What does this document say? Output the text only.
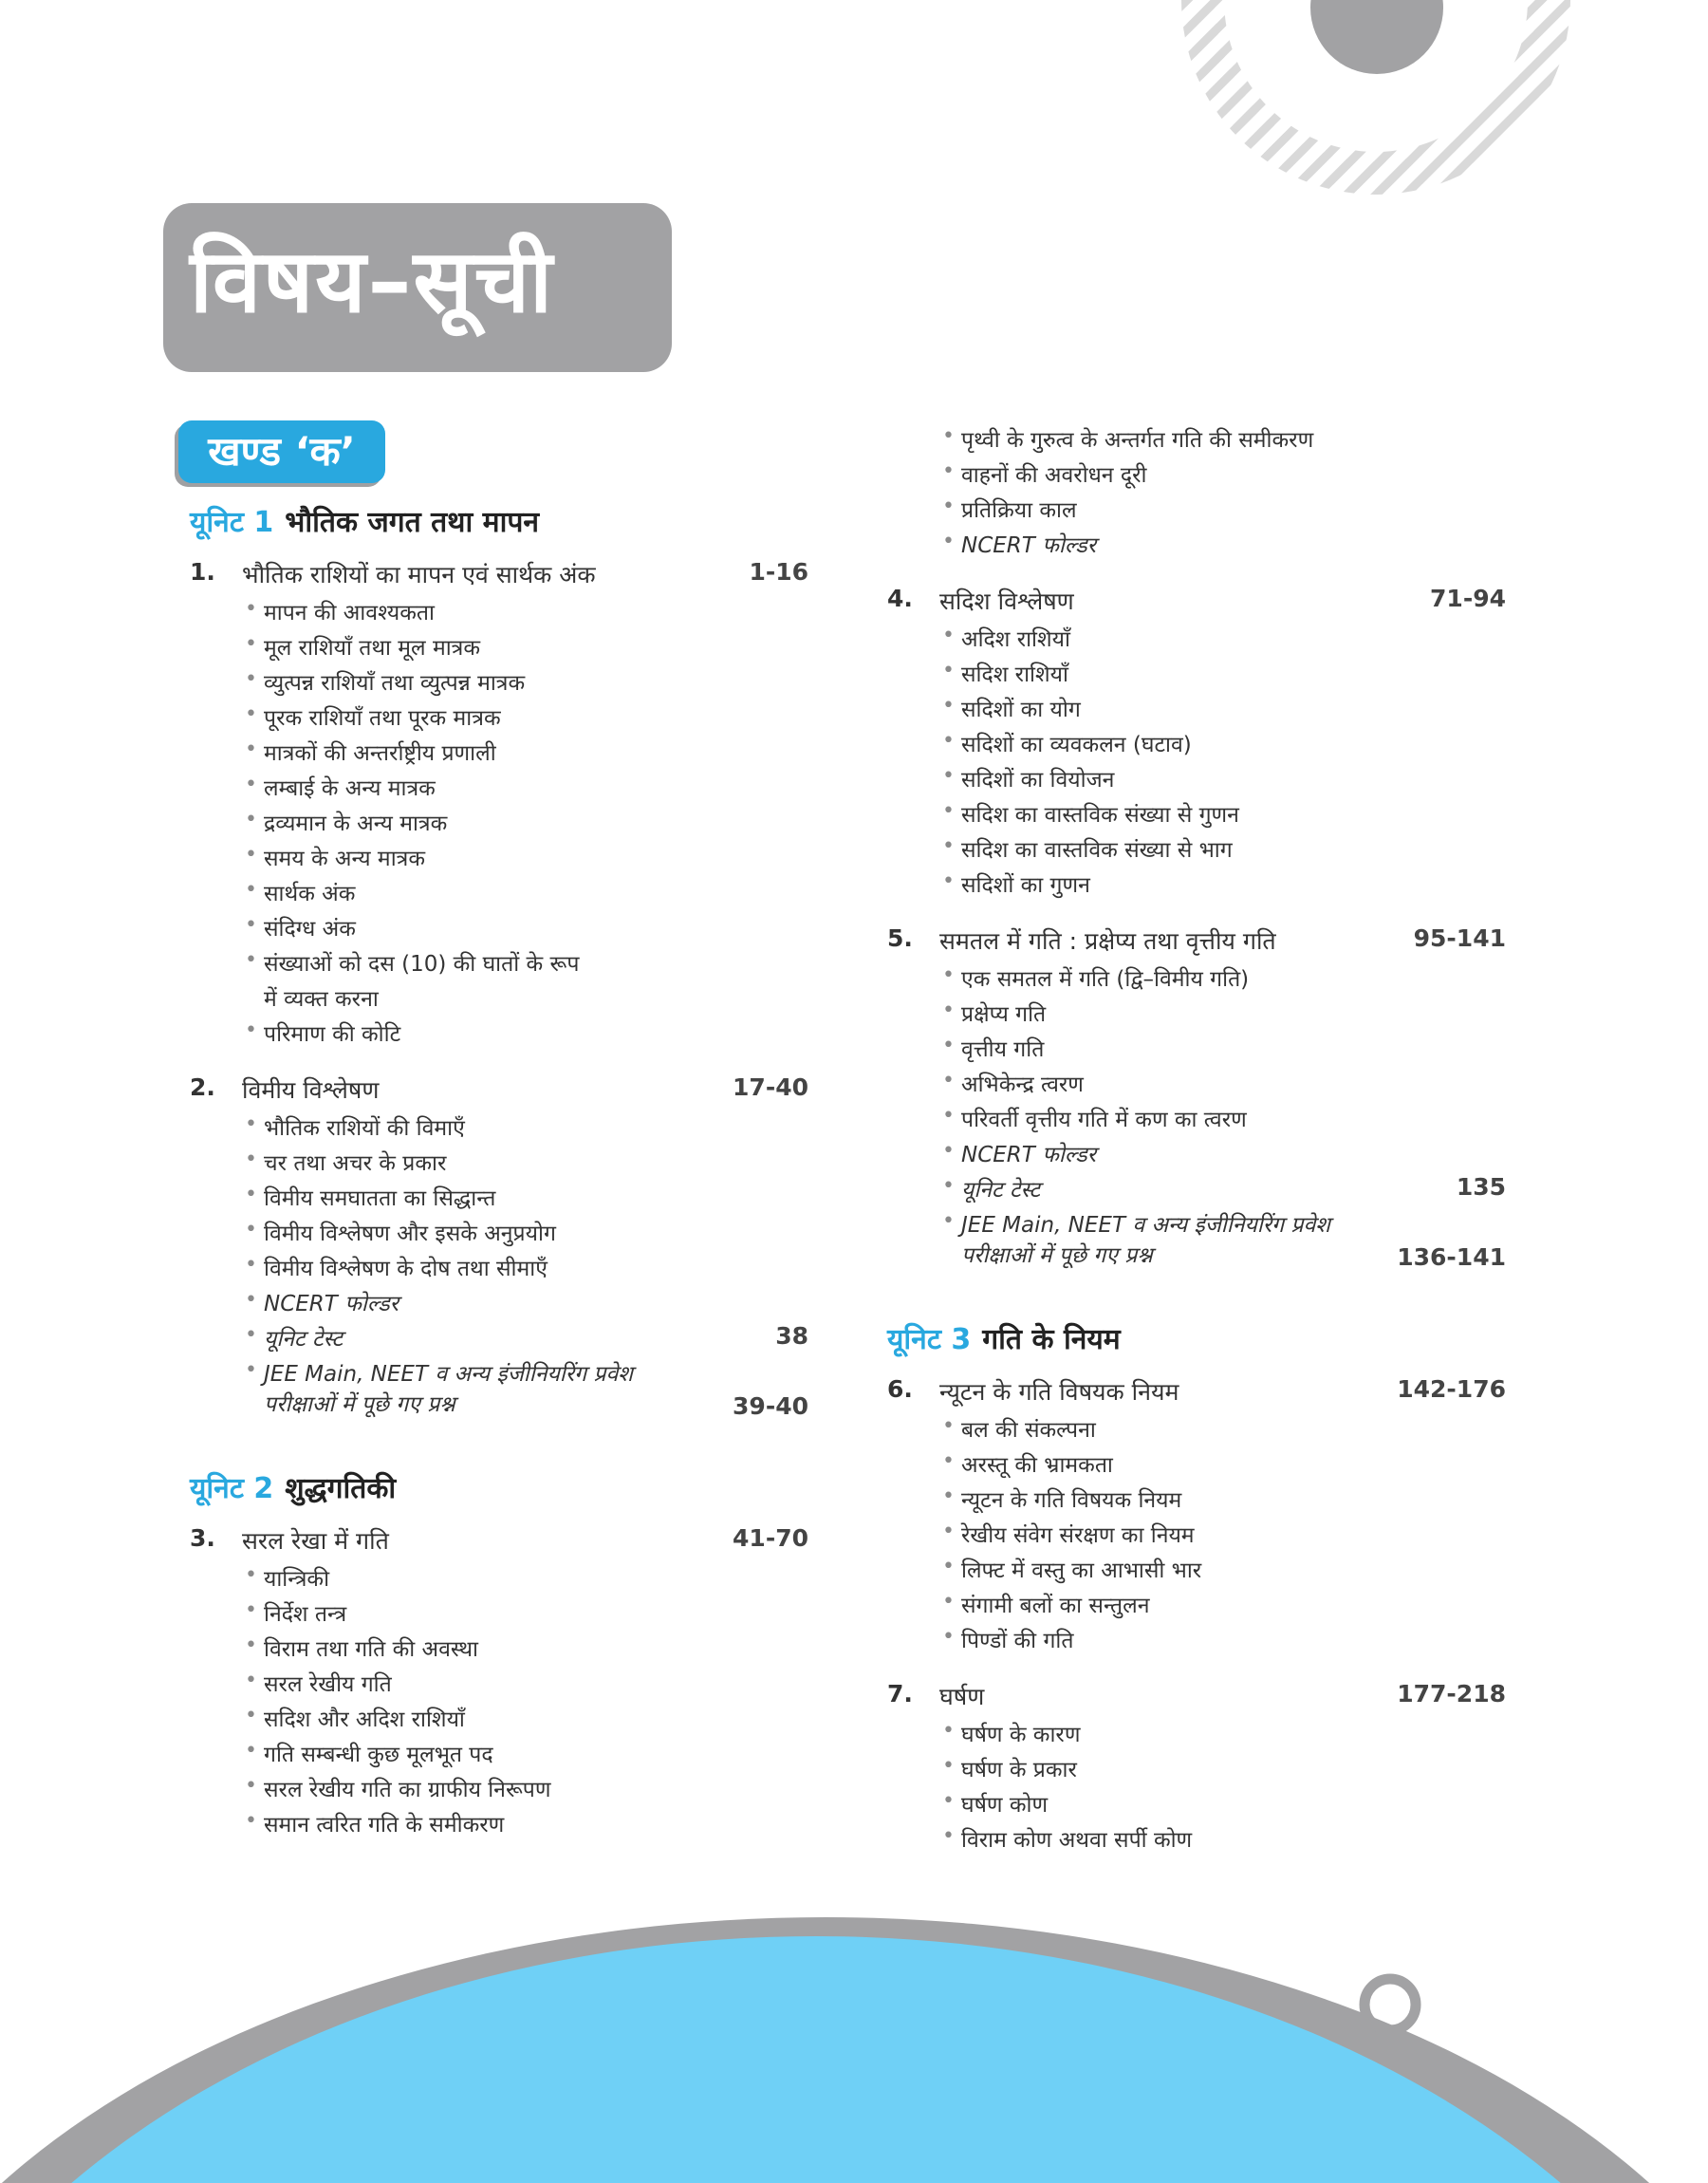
विषय–सूची
खण्ड ‘क’
यूनिट 1 भौतिक जगत तथा मापन
1. भौतिक राशियों का मापन एवं सार्थक अंक	1-16
• मापन की आवश्यकता
• मूल राशियाँ तथा मूल मात्रक
• व्युत्पन्न राशियाँ तथा व्युत्पन्न मात्रक
• पूरक राशियाँ तथा पूरक मात्रक
• मात्रकों की अन्तर्राष्ट्रीय प्रणाली
• लम्बाई के अन्य मात्रक
• द्रव्यमान के अन्य मात्रक
• समय के अन्य मात्रक
• सार्थक अंक
• संदिग्ध अंक
• संख्याओं को दस (10) की घातों के रूप
में व्यक्त करना
• परिमाण की कोटि
2. विमीय विश्लेषण	17-40
• भौतिक राशियों की विमाएँ
• चर तथा अचर के प्रकार
• विमीय समघातता का सिद्धान्त
• विमीय विश्लेषण और इसके अनुप्रयोग
• विमीय विश्लेषण के दोष तथा सीमाएँ
• NCERT फोल्डर
• यूनिट टेस्ट	38
• JEE Main, NEET व अन्य इंजीनियरिंग प्रवेश
परीक्षाओं में पूछे गए प्रश्न	39-40
यूनिट 2 शुद्धगतिकी
3. सरल रेखा में गति	41-70
• यान्त्रिकी
• निर्देश तन्त्र
• विराम तथा गति की अवस्था
• सरल रेखीय गति
• सदिश और अदिश राशियाँ
• गति सम्बन्धी कुछ मूलभूत पद
• सरल रेखीय गति का ग्राफीय निरूपण
• समान त्वरित गति के समीकरण
• पृथ्वी के गुरुत्व के अन्तर्गत गति की समीकरण
• वाहनों की अवरोधन दूरी
• प्रतिक्रिया काल
• NCERT फोल्डर
4. सदिश विश्लेषण	71-94
• अदिश राशियाँ
• सदिश राशियाँ
• सदिशों का योग
• सदिशों का व्यवकलन (घटाव)
• सदिशों का वियोजन
• सदिश का वास्तविक संख्या से गुणन
• सदिश का वास्तविक संख्या से भाग
• सदिशों का गुणन
5. समतल में गति : प्रक्षेप्य तथा वृत्तीय गति	95-141
• एक समतल में गति (द्वि–विमीय गति)
• प्रक्षेप्य गति
• वृत्तीय गति
• अभिकेन्द्र त्वरण
• परिवर्ती वृत्तीय गति में कण का त्वरण
• NCERT फोल्डर
• यूनिट टेस्ट	135
• JEE Main, NEET व अन्य इंजीनियरिंग प्रवेश
परीक्षाओं में पूछे गए प्रश्न	136-141
यूनिट 3 गति के नियम
6. न्यूटन के गति विषयक नियम	142-176
• बल की संकल्पना
• अरस्तू की भ्रामकता
• न्यूटन के गति विषयक नियम
• रेखीय संवेग संरक्षण का नियम
• लिफ्ट में वस्तु का आभासी भार
• संगामी बलों का सन्तुलन
• पिण्डों की गति
7. घर्षण	177-218
• घर्षण के कारण
• घर्षण के प्रकार
• घर्षण कोण
• विराम कोण अथवा सर्पी कोण
